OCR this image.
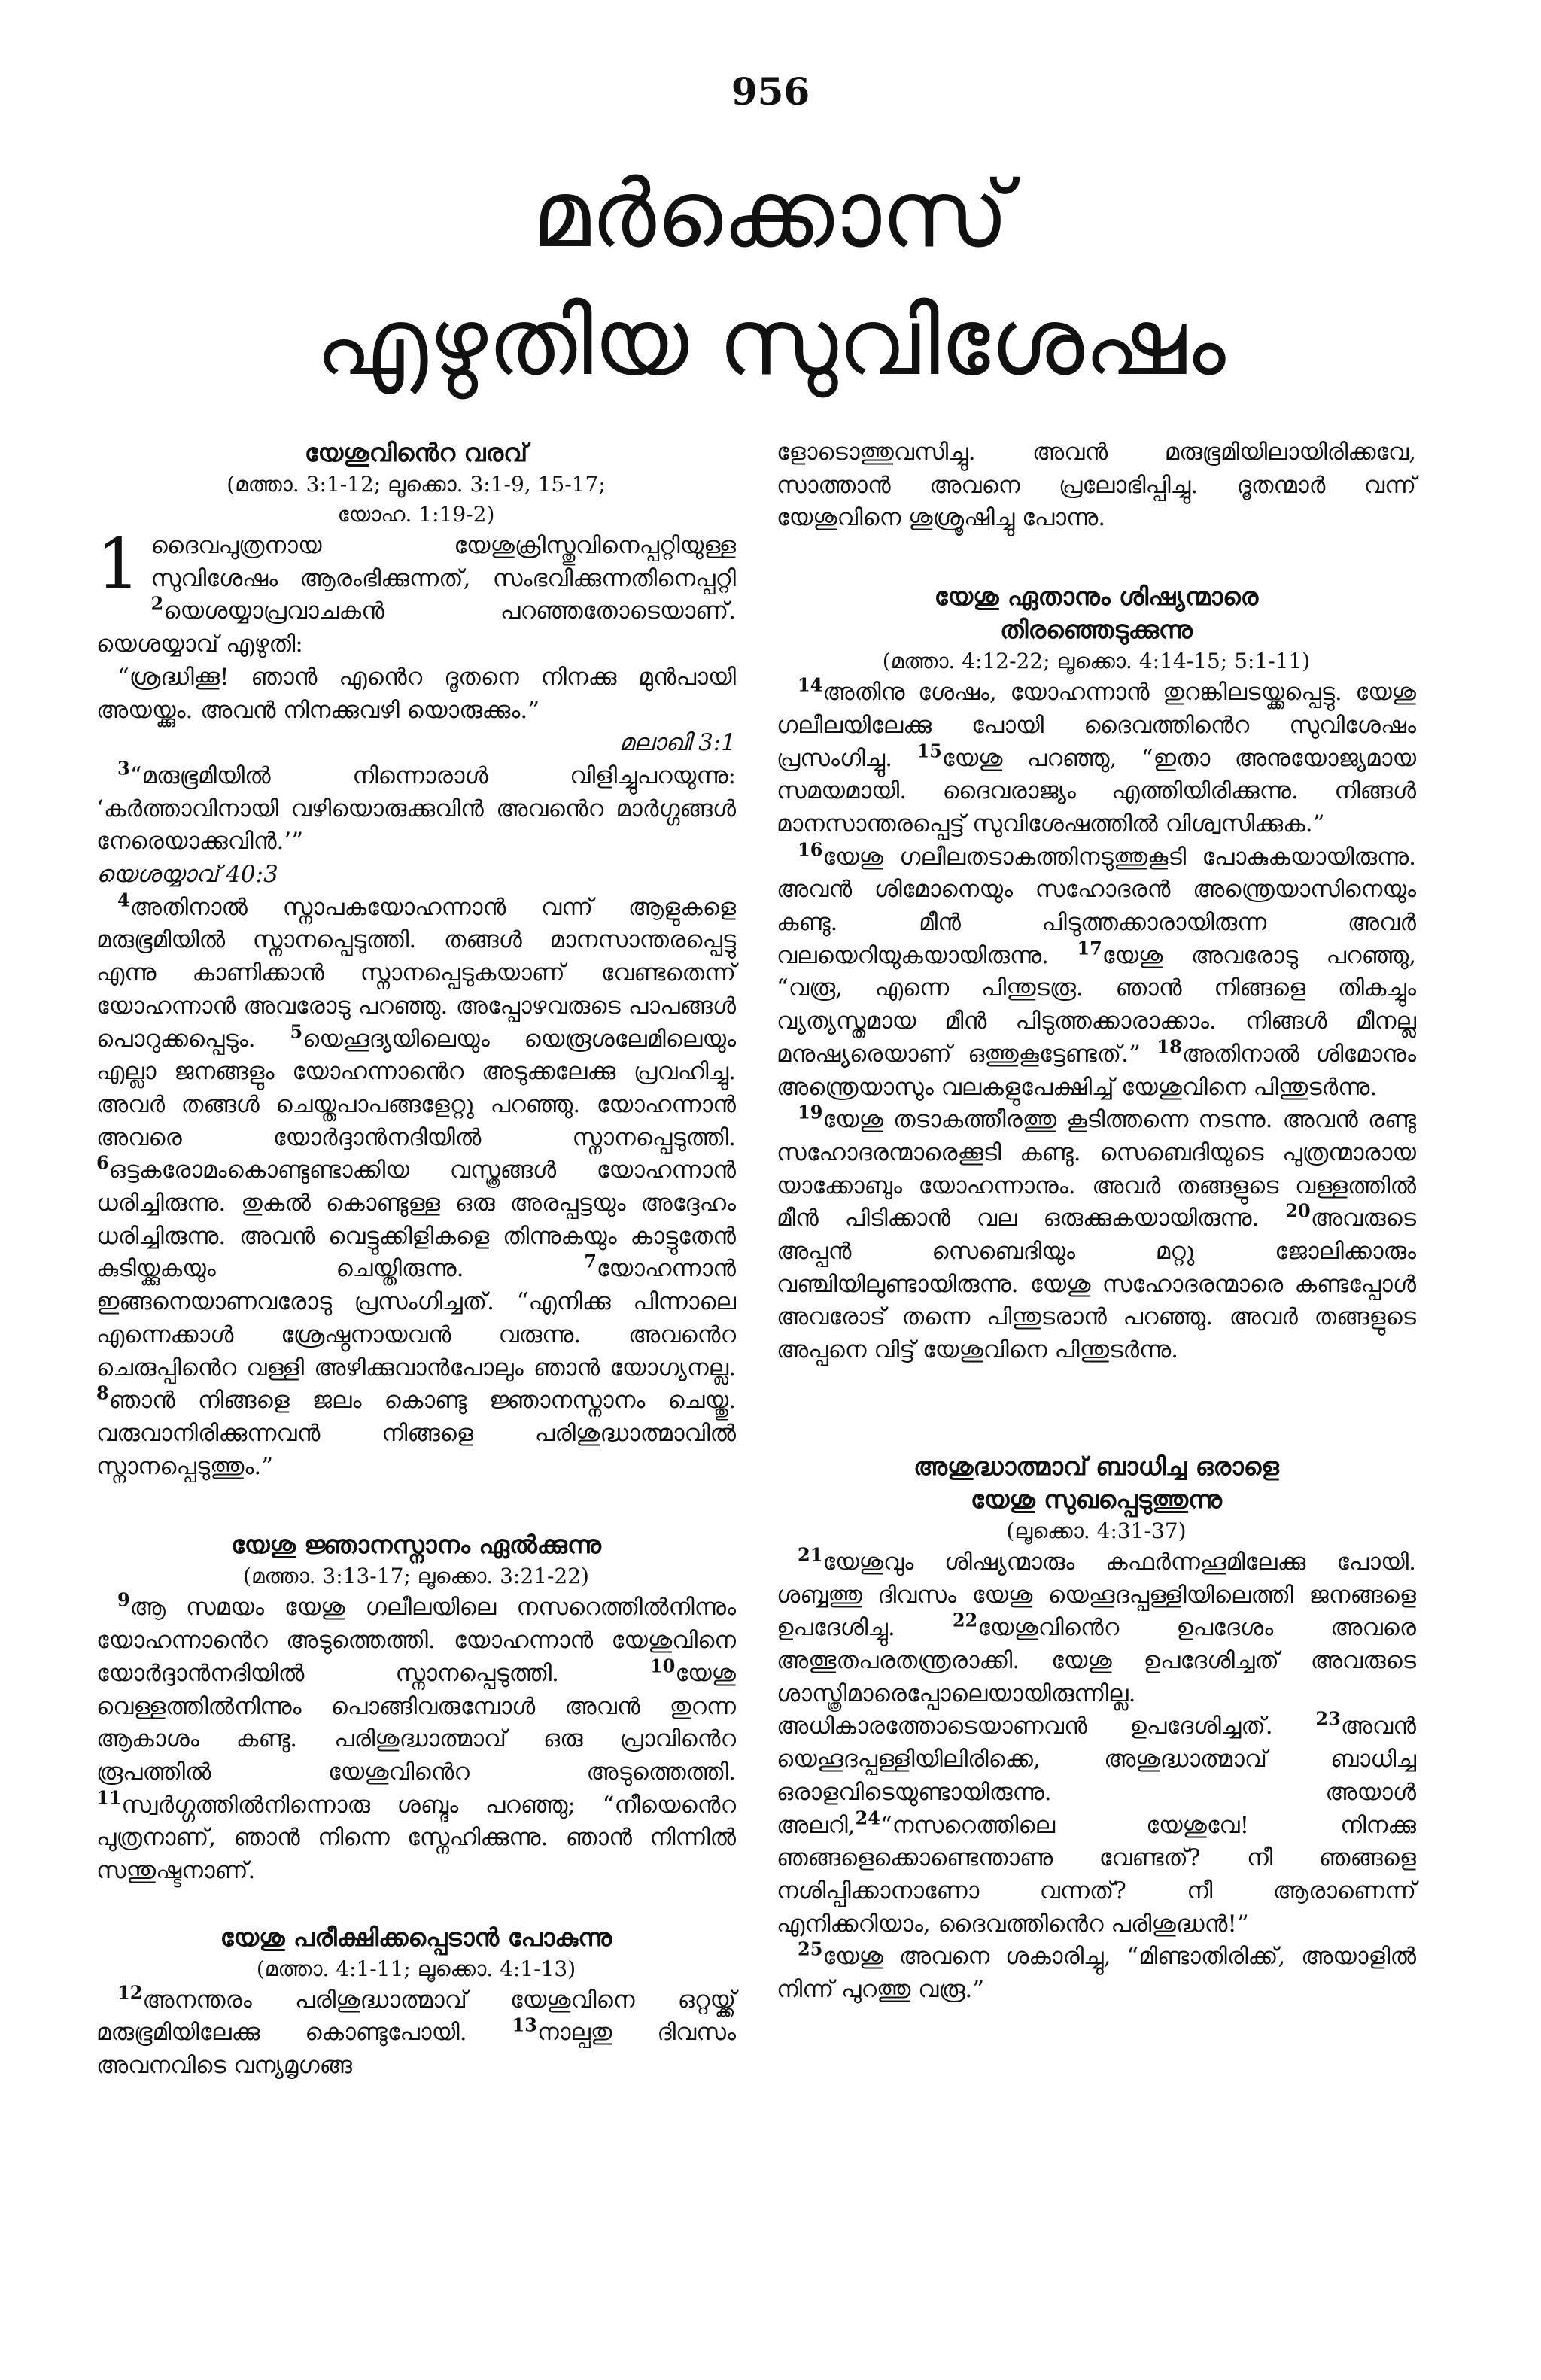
956
മർക്കൊസ്
എഴുതിയ സുവിശേഷം
യേശുവിൻെറ വരവ്
(മത്താ. 3:1-12; ലൂക്കൊ. 3:1-9, 15-17;
യോഹ. 1:19-2)

1 ദൈവപുത്രനായ യേശുക്രിസ്തുവിനെപ്പറ്റിയുള്ള സുവിശേഷം ആരംഭിക്കുന്നത്, സംഭവിക്കുന്നതിനെപ്പറ്റി $^2$യെശയ്യാപ്രവാചകൻ പറഞ്ഞതോടെയാണ്. യെശയ്യാവ് എഴുതി:

“ശ്രദ്ധിക്കൂ! ഞാൻ എൻെറ ദൂതനെ നിനക്കു മുൻപായി അയയ്ക്കും. അവൻ നിനക്കുവഴി യൊരുക്കും.”

മലാഖി 3:1

$^3$“മരുഭൂമിയിൽ നിന്നൊരാൾ വിളിച്ചുപറയുന്നു: ‘കർത്താവിനായി വഴിയൊരുക്കുവിൻ അവൻെറ മാർഗ്ഗങ്ങൾ നേരെയാക്കുവിൻ.’”

യെശയ്യാവ് 40:3

$^4$അതിനാൽ സ്നാപകയോഹന്നാൻ വന്ന് ആളുകളെ മരുഭൂമിയിൽ സ്നാനപ്പെടുത്തി. തങ്ങൾ മാനസാന്തരപ്പെട്ടു എന്നു കാണിക്കാൻ സ്നാനപ്പെടുകയാണ് വേണ്ടതെന്ന് യോഹന്നാൻ അവരോടു പറഞ്ഞു. അപ്പോഴവരുടെ പാപങ്ങൾ പൊറുക്കപ്പെടും. $^5$യെഹൂദ്യയിലെയും യെരൂശലേമിലെയും എല്ലാ ജനങ്ങളും യോഹന്നാൻെറ അടുക്കലേക്കു പ്രവഹിച്ചു. അവർ തങ്ങൾ ചെയ്തപാപങ്ങളേറ്റു പറഞ്ഞു. യോഹന്നാൻ അവരെ യോർദ്ദാൻനദിയിൽ സ്നാനപ്പെടുത്തി. $^6$ഒട്ടകരോമംകൊണ്ടുണ്ടാക്കിയ വസ്ത്രങ്ങൾ യോഹന്നാൻ ധരിച്ചിരുന്നു. തുകൽ കൊണ്ടുള്ള ഒരു അരപ്പട്ടയും അദ്ദേഹം ധരിച്ചിരുന്നു. അവൻ വെട്ടുക്കിളികളെ തിന്നുകയും കാട്ടുതേൻ കുടിയ്ക്കുകയും ചെയ്തിരുന്നു. $^7$യോഹന്നാൻ ഇങ്ങനെയാണവരോടു പ്രസംഗിച്ചത്. “എനിക്കു പിന്നാലെ എന്നെക്കാൾ ശ്രേഷ്ഠനായവൻ വരുന്നു. അവൻെറ ചെരുപ്പിൻെറ വള്ളി അഴിക്കുവാൻപോലും ഞാൻ യോഗ്യനല്ല. $^8$ഞാൻ നിങ്ങളെ ജലം കൊണ്ടു ജ്ഞാനസ്നാനം ചെയ്തു. വരുവാനിരിക്കുന്നവൻ നിങ്ങളെ പരിശുദ്ധാത്മാവിൽ സ്നാനപ്പെടുത്തും.”

യേശു ജ്ഞാനസ്നാനം ഏൽക്കുന്നു
(മത്താ. 3:13-17; ലൂക്കൊ. 3:21-22)

$^9$ആ സമയം യേശു ഗലീലയിലെ നസറെത്തിൽനിന്നും യോഹന്നാൻെറ അടുത്തെത്തി. യോഹന്നാൻ യേശുവിനെ യോർദ്ദാൻനദിയിൽ സ്നാനപ്പെടുത്തി. $^{10}$യേശു വെള്ളത്തിൽനിന്നും പൊങ്ങിവരുമ്പോൾ അവൻ തുറന്ന ആകാശം കണ്ടു. പരിശുദ്ധാത്മാവ് ഒരു പ്രാവിൻെറ രൂപത്തിൽ യേശുവിൻെറ അടുത്തെത്തി. $^{11}$സ്വർഗ്ഗത്തിൽനിന്നൊരു ശബ്ദം പറഞ്ഞു; “നീയെൻെറ പുത്രനാണ്, ഞാൻ നിന്നെ സ്നേഹിക്കുന്നു. ഞാൻ നിന്നിൽ സന്തുഷ്ടനാണ്.

യേശു പരീക്ഷിക്കപ്പെടാൻ പോകുന്നു
(മത്താ. 4:1-11; ലൂക്കൊ. 4:1-13)

$^{12}$അനന്തരം പരിശുദ്ധാത്മാവ് യേശുവിനെ ഒറ്റയ്ക്ക് മരുഭൂമിയിലേക്കു കൊണ്ടുപോയി. $^{13}$നാല്പതു ദിവസം അവനവിടെ വന്യമൃഗങ്ങ

ളോടൊത്തുവസിച്ചു. അവൻ മരുഭൂമിയിലായിരിക്കവേ, സാത്താൻ അവനെ പ്രലോഭിപ്പിച്ചു. ദൂതന്മാർ വന്ന് യേശുവിനെ ശുശ്രൂഷിച്ചു പോന്നു.

യേശു ഏതാനും ശിഷ്യന്മാരെ
തിരഞ്ഞെടുക്കുന്നു
(മത്താ. 4:12-22; ലൂക്കൊ. 4:14-15; 5:1-11)

$^{14}$അതിനു ശേഷം, യോഹന്നാൻ തുറങ്കിലടയ്ക്കപ്പെട്ടു. യേശു ഗലീലയിലേക്കു പോയി ദൈവത്തിൻെറ സുവിശേഷം പ്രസംഗിച്ചു. $^{15}$യേശു പറഞ്ഞു, “ഇതാ അനുയോജ്യമായ സമയമായി. ദൈവരാജ്യം എത്തിയിരിക്കുന്നു. നിങ്ങൾ മാനസാന്തരപ്പെട്ട് സുവിശേഷത്തിൽ വിശ്വസിക്കുക.”

$^{16}$യേശു ഗലീലതടാകത്തിനടുത്തുകൂടി പോകുകയായിരുന്നു. അവൻ ശിമോനെയും സഹോദരൻ അന്ത്രെയാസിനെയും കണ്ടു. മീൻ പിടുത്തക്കാരായിരുന്ന അവർ വലയെറിയുകയായിരുന്നു. $^{17}$യേശു അവരോടു പറഞ്ഞു, “വരൂ, എന്നെ പിന്തുടരൂ. ഞാൻ നിങ്ങളെ തികച്ചും വ്യത്യസ്തമായ മീൻ പിടുത്തക്കാരാക്കാം. നിങ്ങൾ മീനല്ല മനുഷ്യരെയാണ് ഒത്തുകൂട്ടേണ്ടത്.” $^{18}$അതിനാൽ ശിമോനും അന്ത്രെയാസും വലകളുപേക്ഷിച്ച് യേശുവിനെ പിന്തുടർന്നു.

$^{19}$യേശു തടാകത്തീരത്തു കൂടിത്തന്നെ നടന്നു. അവൻ രണ്ടു സഹോദരന്മാരെക്കൂടി കണ്ടു. സെബെദിയുടെ പുത്രന്മാരായ യാക്കോബും യോഹന്നാനും. അവർ തങ്ങളുടെ വള്ളത്തിൽ മീൻ പിടിക്കാൻ വല ഒരുക്കുകയായിരുന്നു. $^{20}$അവരുടെ അപ്പൻ സെബെദിയും മറ്റു ജോലിക്കാരും വഞ്ചിയിലുണ്ടായിരുന്നു. യേശു സഹോദരന്മാരെ കണ്ടപ്പോൾ അവരോട് തന്നെ പിന്തുടരാൻ പറഞ്ഞു. അവർ തങ്ങളുടെ അപ്പനെ വിട്ട് യേശുവിനെ പിന്തുടർന്നു.

അശുദ്ധാത്മാവ് ബാധിച്ച ഒരാളെ
യേശു സുഖപ്പെടുത്തുന്നു
(ലൂക്കൊ. 4:31-37)

$^{21}$യേശുവും ശിഷ്യന്മാരും കഫർന്നഹൂമിലേക്കു പോയി. ശബ്ബത്തു ദിവസം യേശു യെഹൂദപ്പള്ളിയിലെത്തി ജനങ്ങളെ ഉപദേശിച്ചു. $^{22}$യേശുവിൻെറ ഉപദേശം അവരെ അത്ഭുതപരതന്ത്രരാക്കി. യേശു ഉപദേശിച്ചത് അവരുടെ ശാസ്ത്രിമാരെപ്പോലെയായിരുന്നില്ല. അധികാരത്തോടെയാണവൻ ഉപദേശിച്ചത്. $^{23}$അവൻ യെഹൂദപ്പള്ളിയിലിരിക്കെ, അശുദ്ധാത്മാവ് ബാധിച്ച ഒരാളവിടെയുണ്ടായിരുന്നു. അയാൾ അലറി,$^{24}$“നസറെത്തിലെ യേശുവേ! നിനക്കു ഞങ്ങളെക്കൊണ്ടെന്താണു വേണ്ടത്? നീ ഞങ്ങളെ നശിപ്പിക്കാനാണോ വന്നത്? നീ ആരാണെന്ന് എനിക്കറിയാം, ദൈവത്തിൻെറ പരിശുദ്ധൻ!”

$^{25}$യേശു അവനെ ശകാരിച്ചു, “മിണ്ടാതിരിക്ക്, അയാളിൽ നിന്ന് പുറത്തു വരൂ.”
